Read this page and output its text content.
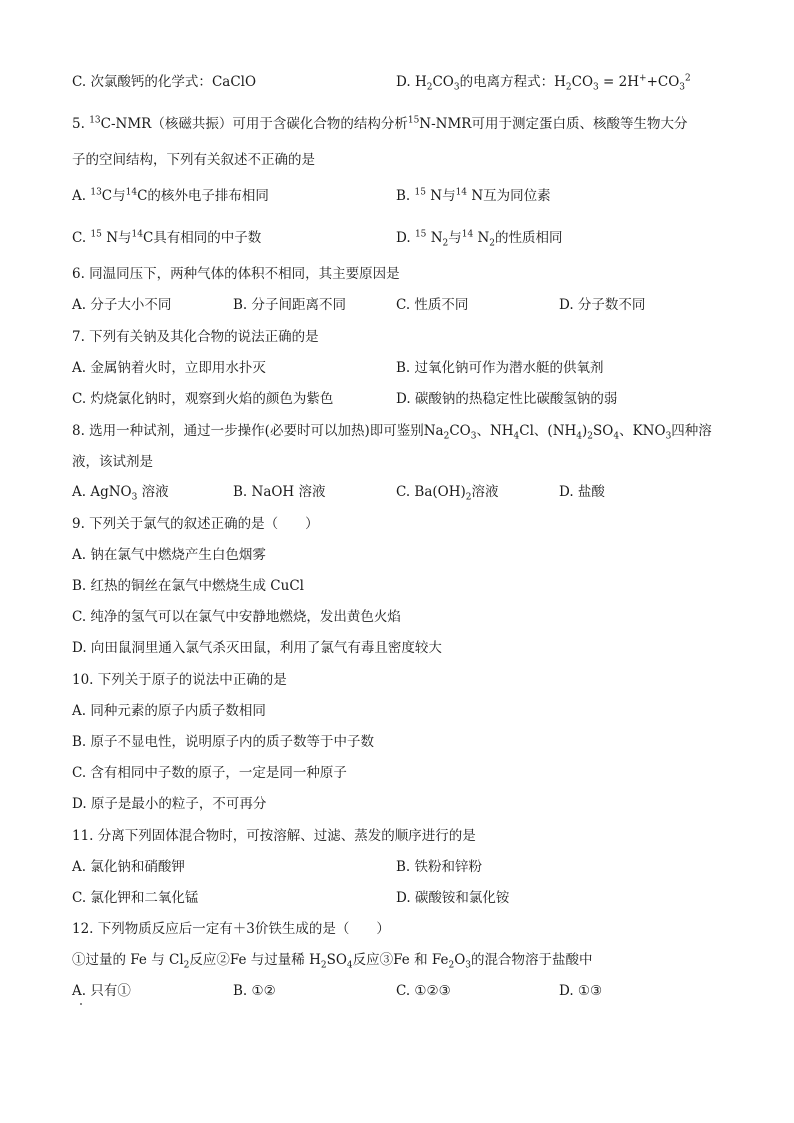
C. 次氯酸钙的化学式：CaClO	D. $H_2CO_3$的电离方程式：$H_2CO_3 = 2H^++CO_3^2$
5. $^{13}$C-NMR（核磁共振）可用于含碳化合物的结构分析$^{15}$N-NMR可用于测定蛋白质、核酸等生物大分
子的空间结构，下列有关叙述不正确的是
A. $^{13}$C与$^{14}$C的核外电子排布相同	B. $^{15}$ N与$^{14}$ N互为同位素
C. $^{15}$ N与$^{14}$C具有相同的中子数	D. $^{15}$ $N_2$与$^{14}$ $N_2$的性质相同
6. 同温同压下，两种气体的体积不相同，其主要原因是
A. 分子大小不同	B. 分子间距离不同	C. 性质不同	D. 分子数不同
7. 下列有关钠及其化合物的说法正确的是
A. 金属钠着火时，立即用水扑灭	B. 过氧化钠可作为潜水艇的供氧剂
C. 灼烧氯化钠时，观察到火焰的颜色为紫色	D. 碳酸钠的热稳定性比碳酸氢钠的弱
8. 选用一种试剂，通过一步操作(必要时可以加热)即可鉴别$Na_2CO_3$、$NH_4Cl$、$(NH_4)_2SO_4$、$KNO_3$四种溶
液，该试剂是
A. AgNO$_3$ 溶液	B. NaOH 溶液	C. $Ba(OH)_2$溶液	D. 盐酸
9. 下列关于氯气的叙述正确的是（　　）
A. 钠在氯气中燃烧产生白色烟雾
B. 红热的铜丝在氯气中燃烧生成 CuCl
C. 纯净的氢气可以在氯气中安静地燃烧，发出黄色火焰
D. 向田鼠洞里通入氯气杀灭田鼠，利用了氯气有毒且密度较大
10. 下列关于原子的说法中正确的是
A. 同种元素的原子内质子数相同
B. 原子不显电性，说明原子内的质子数等于中子数
C. 含有相同中子数的原子，一定是同一种原子
D. 原子是最小的粒子，不可再分
11. 分离下列固体混合物时，可按溶解、过滤、蒸发的顺序进行的是
A. 氯化钠和硝酸钾	B. 铁粉和锌粉
C. 氯化钾和二氧化锰	D. 碳酸铵和氯化铵
12. 下列物质反应后一定有＋3价铁生成的是（　　）
①过量的 Fe 与 $Cl_2$反应②Fe 与过量稀 $H_2SO_4$反应③Fe 和 $Fe_2O_3$的混合物溶于盐酸中
A. 只有①	B. ①②	C. ①②③	D. ①③
